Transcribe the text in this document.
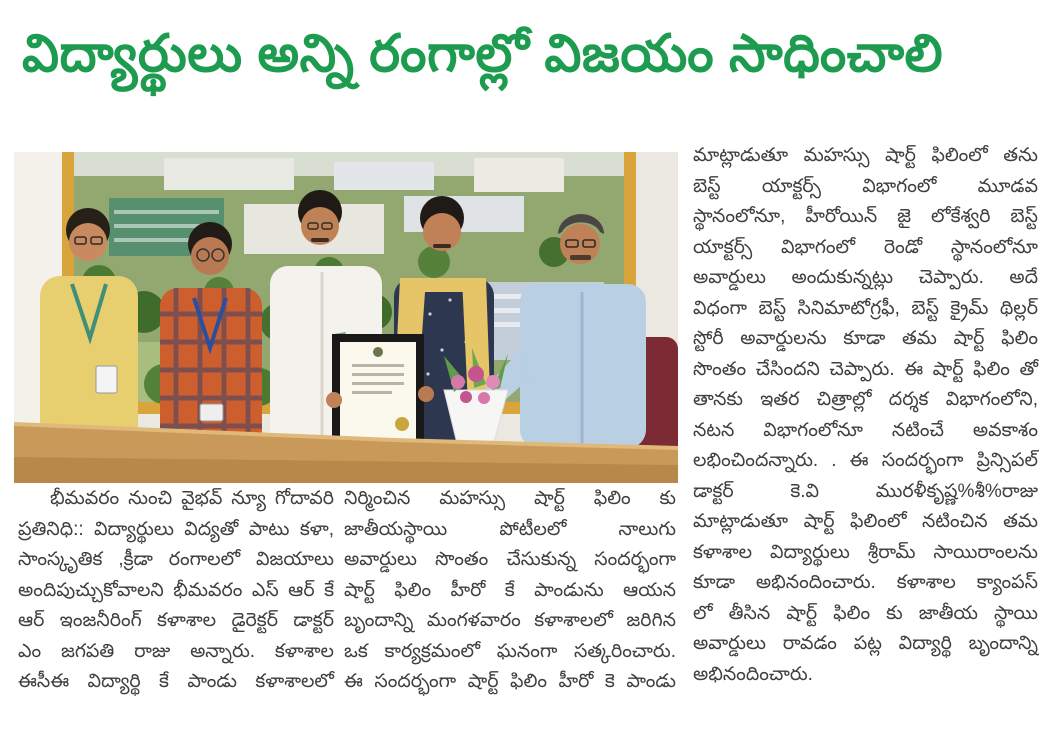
విద్యార్థులు అన్ని రంగాల్లో విజయం సాధించాలి
భీమవరం నుంచి వైభవ్ న్యూ గోదావరి
ప్రతినిధి:: విద్యార్థులు విద్యతో పాటు కళా,
సాంస్కృతిక ,క్రీడా రంగాలలో విజయాలు
అందిపుచ్చుకోవాలని భీమవరం ఎస్ ఆర్ కే
ఆర్ ఇంజనీరింగ్ కళాశాల డైరెక్టర్ డాక్టర్
ఎం జగపతి రాజు అన్నారు. కళాశాల
ఈసీఈ విద్యార్థి కే పాండు కళాశాలలో
నిర్మించిన మహస్సు షార్ట్ ఫిలిం కు
జాతీయస్థాయి పోటీలలో నాలుగు
అవార్డులు సొంతం చేసుకున్న సందర్భంగా
షార్ట్ ఫిలిం హీరో కే పాండును ఆయన
బృందాన్ని మంగళవారం కళాశాలలో జరిగిన
ఒక కార్యక్రమంలో ఘనంగా సత్కరించారు.
ఈ సందర్భంగా షార్ట్ ఫిలిం హీరో కె పాండు
మాట్లాడుతూ మహస్సు షార్ట్ ఫిలింలో తను
బెస్ట్ యాక్టర్స్ విభాగంలో మూడవ
స్థానంలోనూ, హీరోయిన్ జై లోకేశ్వరి బెస్ట్
యాక్టర్స్ విభాగంలో రెండో స్థానంలోనూ
అవార్డులు అందుకున్నట్లు చెప్పారు. అదే
విధంగా బెస్ట్ సినిమాటోగ్రఫీ, బెస్ట్ క్రైమ్ థిల్లర్
స్టోరీ అవార్డులను కూడా తమ షార్ట్ ఫిలిం
సొంతం చేసిందని చెప్పారు. ఈ షార్ట్ ఫిలిం తో
తానకు ఇతర చిత్రాల్లో దర్శక విభాగంలోని,
నటన విభాగంలోనూ నటించే అవకాశం
లభించిందన్నారు. . ఈ సందర్భంగా ప్రిన్సిపల్
డాక్టర్ కె.వి మురళీకృష్ణ%శీ%రాజు
మాట్లాడుతూ షార్ట్ ఫిలింలో నటించిన తమ
కళాశాల విద్యార్థులు శ్రీరామ్ సాయిరాంలను
కూడా అభినందించారు. కళాశాల క్యాంపస్
లో తీసిన షార్ట్ ఫిలిం కు జాతీయ స్థాయి
అవార్డులు రావడం పట్ల విద్యార్థి బృందాన్ని
అభినందించారు.
